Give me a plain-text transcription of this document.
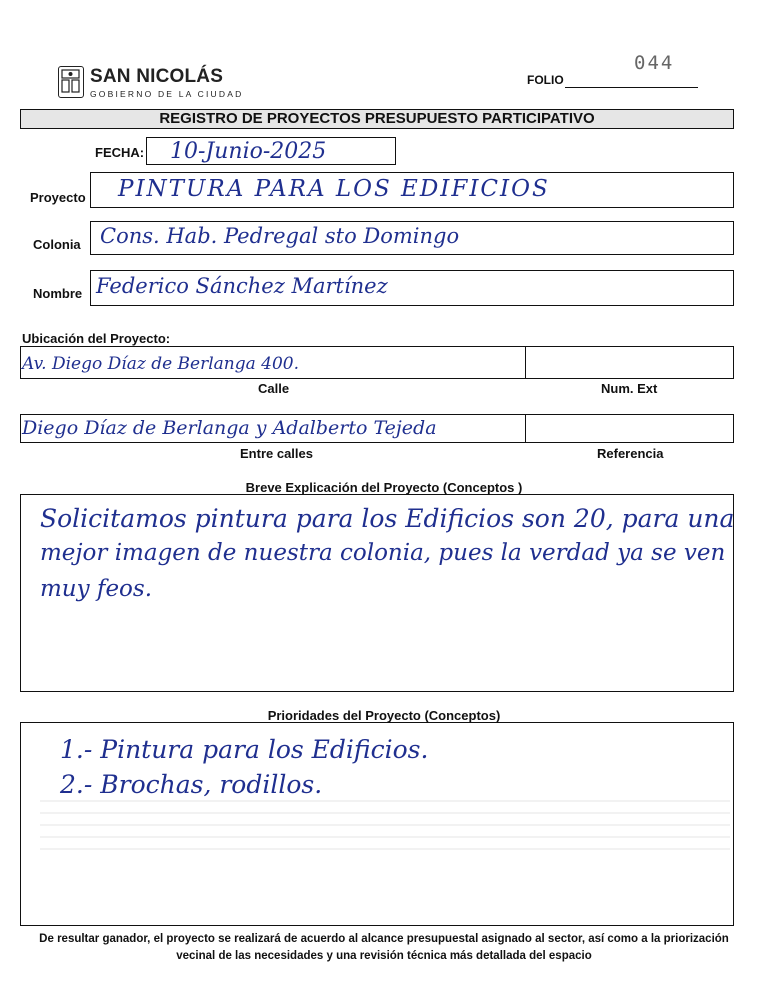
SAN NICOLÁS
GOBIERNO DE LA CIUDAD
FOLIO
044
REGISTRO DE PROYECTOS PRESUPUESTO PARTICIPATIVO
FECHA: 10-Junio-2025
Proyecto PINTURA PARA LOS EDIFICIOS
Colonia Cons. Hab. Pedregal sto Domingo
Nombre Federico Sánchez Martínez
Ubicación del Proyecto:
Av. Diego Díaz de Berlanga 400.
Calle	Num. Ext
Diego Díaz de Berlanga y Adalberto Tejeda
Entre calles	Referencia
Breve Explicación del Proyecto (Conceptos )
Solicitamos pintura para los Edificios son 20, para una
mejor imagen de nuestra colonia, pues la verdad ya se ven
muy feos.
Prioridades del Proyecto (Conceptos)
1.- Pintura para los Edificios.
2.- Brochas, rodillos.
De resultar ganador, el proyecto se realizará de acuerdo al alcance presupuestal asignado al sector, así como a la priorización
vecinal de las necesidades y una revisión técnica más detallada del espacio
